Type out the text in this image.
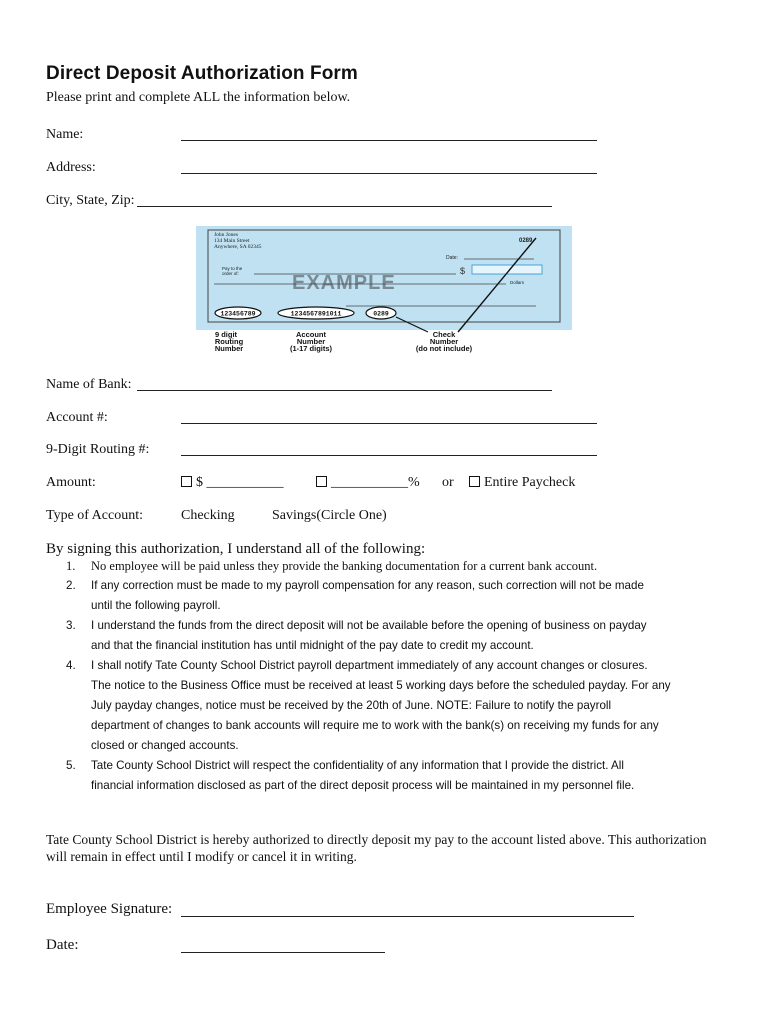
Direct Deposit Authorization Form
Please print and complete ALL the information below.
Name:
Address:
City, State, Zip:
John Jones
134 Main Street
Anywhere, SA 02345
0289
Date:
Pay to the
order of:	$
EXAMPLE	Dollars
123456789	1234567891011	0289
9 digit
Routing
Number
Account
Number
(1-17 digits)
Check
Number
(do not include)
Name of Bank:
Account #:
9-Digit Routing #:
Amount:	$ ___________	___________% or	Entire Paycheck
Type of Account:	Checking	Savings(Circle One)
By signing this authorization, I understand all of the following:
1. No employee will be paid unless they provide the banking documentation for a current bank account.
2. If any correction must be made to my payroll compensation for any reason, such correction will not be made
until the following payroll.
3. I understand the funds from the direct deposit will not be available before the opening of business on payday
and that the financial institution has until midnight of the pay date to credit my account.
4. I shall notify Tate County School District payroll department immediately of any account changes or closures.
The notice to the Business Office must be received at least 5 working days before the scheduled payday. For any
July payday changes, notice must be received by the 20th of June. NOTE: Failure to notify the payroll
department of changes to bank accounts will require me to work with the bank(s) on receiving my funds for any
closed or changed accounts.
5. Tate County School District will respect the confidentiality of any information that I provide the district. All
financial information disclosed as part of the direct deposit process will be maintained in my personnel file.
Tate County School District is hereby authorized to directly deposit my pay to the account listed above. This authorization
will remain in effect until I modify or cancel it in writing.
Employee Signature:
Date:
